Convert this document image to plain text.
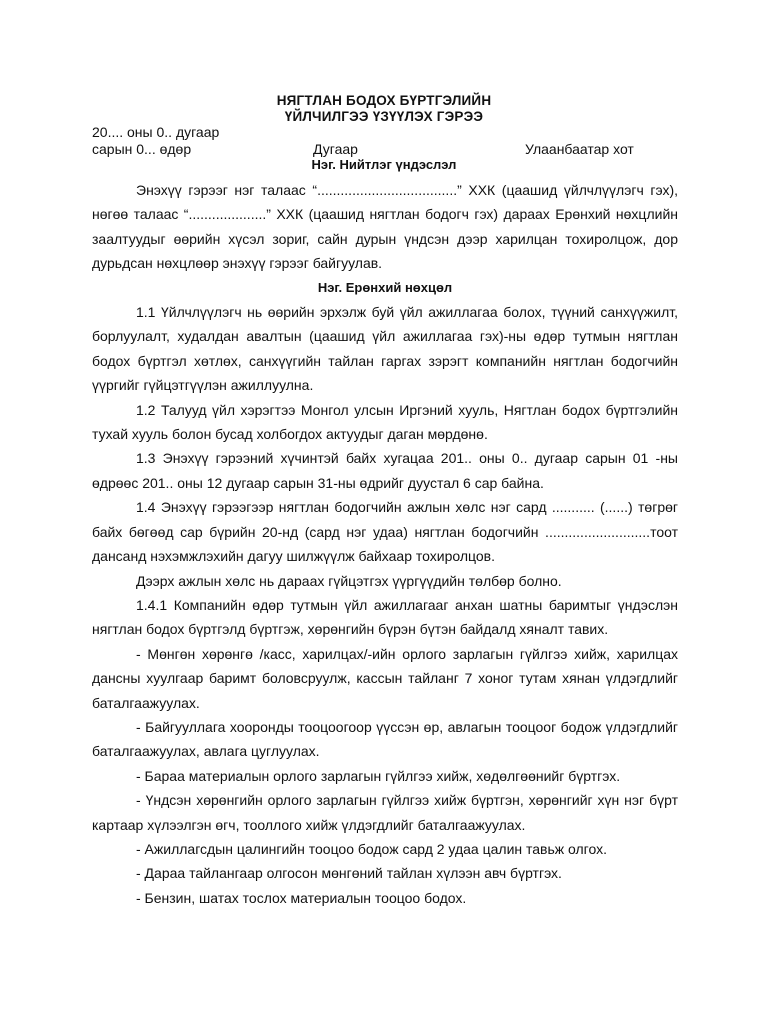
НЯГТЛАН БОДОХ БҮРТГЭЛИЙН
ҮЙЛЧИЛГЭЭ ҮЗҮҮЛЭХ ГЭРЭЭ
20.... оны 0.. дугаар
сарын 0... өдөр	Дугаар	Улаанбаатар хот
Нэг. Нийтлэг үндэслэл

Энэхүү гэрээг нэг талаас “....................................” ХХК (цаашид үйлчлүүлэгч гэх), нөгөө талаас “....................” ХХК (цаашид нягтлан бодогч гэх) дараах Ерөнхий нөхцлийн заалтуудыг өөрийн хүсэл зориг, сайн дурын үндсэн дээр харилцан тохиролцож, дор дурьдсан нөхцлөөр энэхүү гэрээг байгуулав.

Нэг. Ерөнхий нөхцөл

1.1 Үйлчлүүлэгч нь өөрийн эрхэлж буй үйл ажиллагаа болох, түүний санхүүжилт, борлуулалт, худалдан авалтын (цаашид үйл ажиллагаа гэх)-ны өдөр тутмын нягтлан бодох бүртгэл хөтлөх, санхүүгийн тайлан гаргах зэрэгт компанийн нягтлан бодогчийн үүргийг гүйцэтгүүлэн ажиллуулна.

1.2 Талууд үйл хэрэгтээ Монгол улсын Иргэний хууль, Нягтлан бодох бүртгэлийн тухай хууль болон бусад холбогдох актуудыг даган мөрдөнө.

1.3 Энэхүү гэрээний хүчинтэй байх хугацаа 201.. оны 0.. дугаар сарын 01 -ны өдрөөс 201.. оны 12 дугаар сарын 31-ны өдрийг дуустал 6 сар байна.

1.4 Энэхүү гэрээгээр нягтлан бодогчийн ажлын хөлс нэг сард ........... (......) төгрөг байх бөгөөд сар бүрийн 20-нд (сард нэг удаа) нягтлан бодогчийн ...........................тоот дансанд нэхэмжлэхийн дагуу шилжүүлж байхаар тохиролцов.

Дээрх ажлын хөлс нь дараах гүйцэтгэх үүргүүдийн төлбөр болно.

1.4.1 Компанийн өдөр тутмын үйл ажиллагааг анхан шатны баримтыг үндэслэн нягтлан бодох бүртгэлд бүртгэж, хөрөнгийн бүрэн бүтэн байдалд хяналт тавих.

- Мөнгөн хөрөнгө /касс, харилцах/-ийн орлого зарлагын гүйлгээ хийж, харилцах дансны хуулгаар баримт боловсруулж, кассын тайланг 7 хоног тутам хянан үлдэгдлийг баталгаажуулах.

- Байгууллага хооронды тооцоогоор үүссэн өр, авлагын тооцоог бодож үлдэгдлийг баталгаажуулах, авлага цуглуулах.

- Бараа материалын орлого зарлагын гүйлгээ хийж, хөдөлгөөнийг бүртгэх.

- Үндсэн хөрөнгийн орлого зарлагын гүйлгээ хийж бүртгэн, хөрөнгийг хүн нэг бүрт картаар хүлээлгэн өгч, тооллого хийж үлдэгдлийг баталгаажуулах.

- Ажиллагсдын цалингийн тооцоо бодож сард 2 удаа цалин тавьж олгох.

- Дараа тайлангаар олгосон мөнгөний тайлан хүлээн авч бүртгэх.

- Бензин, шатах тослох материалын тооцоо бодох.
